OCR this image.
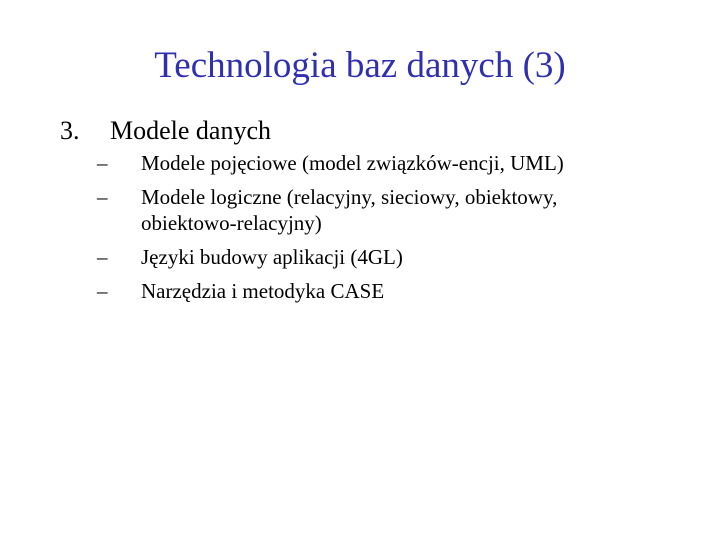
Technologia baz danych (3)
3. Modele danych
–	Modele pojęciowe (model związków-encji, UML)
–	Modele logiczne (relacyjny, sieciowy, obiektowy, obiektowo-relacyjny)
–	Języki budowy aplikacji (4GL)
–	Narzędzia i metodyka CASE
